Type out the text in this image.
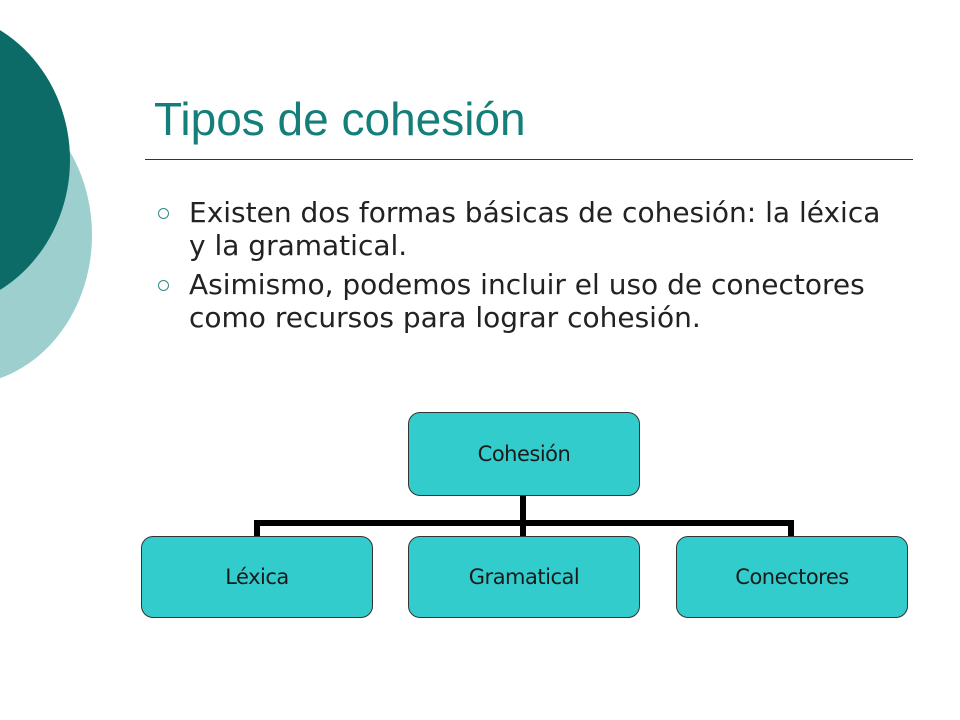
Tipos de cohesión
Existen dos formas básicas de cohesión: la léxica y la gramatical.
Asimismo, podemos incluir el uso de conectores como recursos para lograr cohesión.
Cohesión
Léxica	Gramatical	Conectores
